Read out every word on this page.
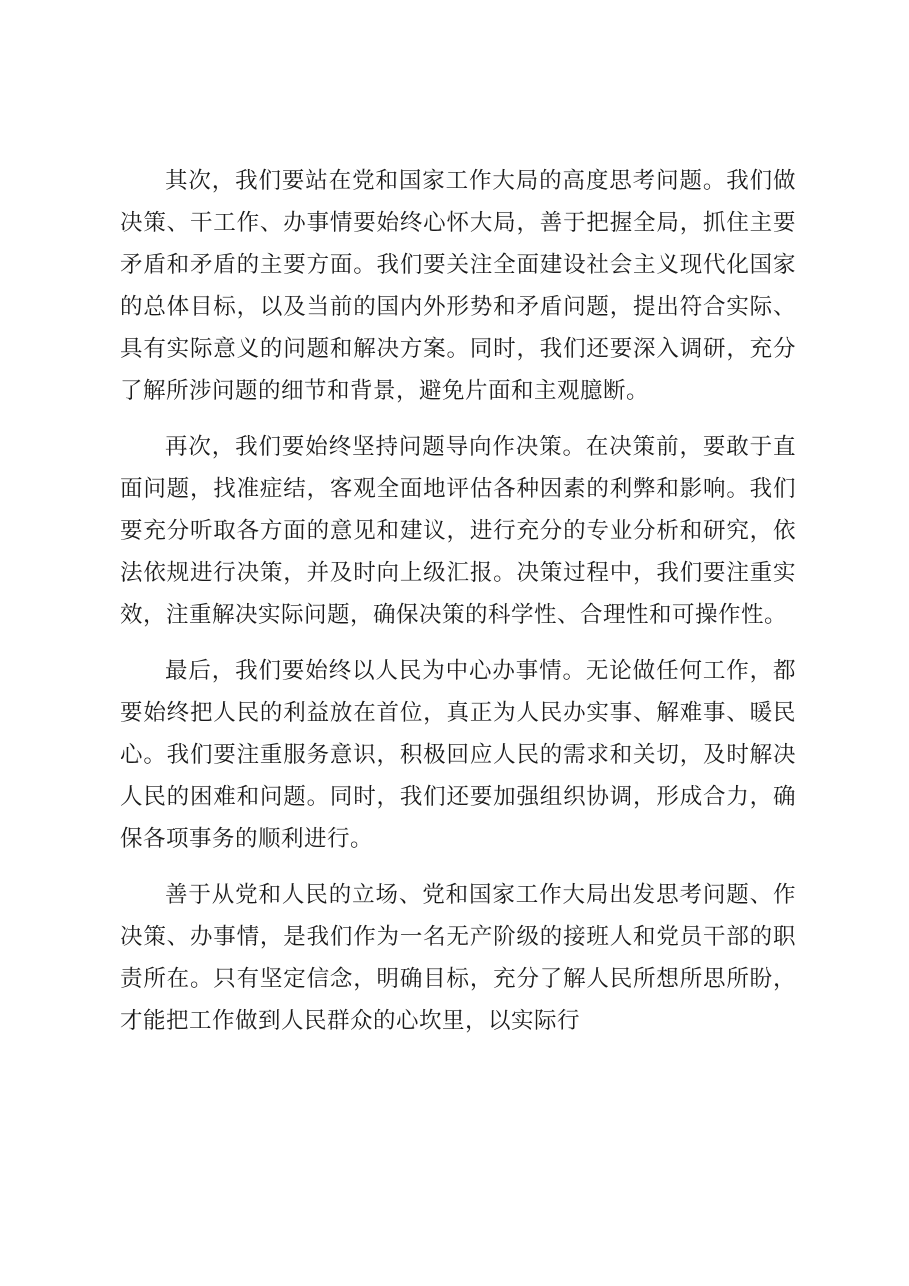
其次，我们要站在党和国家工作大局的高度思考问题。我们做决策、干工作、办事情要始终心怀大局，善于把握全局，抓住主要矛盾和矛盾的主要方面。我们要关注全面建设社会主义现代化国家的总体目标，以及当前的国内外形势和矛盾问题，提出符合实际、具有实际意义的问题和解决方案。同时，我们还要深入调研，充分了解所涉问题的细节和背景，避免片面和主观臆断。

再次，我们要始终坚持问题导向作决策。在决策前，要敢于直面问题，找准症结，客观全面地评估各种因素的利弊和影响。我们要充分听取各方面的意见和建议，进行充分的专业分析和研究，依法依规进行决策，并及时向上级汇报。决策过程中，我们要注重实效，注重解决实际问题，确保决策的科学性、合理性和可操作性。

最后，我们要始终以人民为中心办事情。无论做任何工作，都要始终把人民的利益放在首位，真正为人民办实事、解难事、暖民心。我们要注重服务意识，积极回应人民的需求和关切，及时解决人民的困难和问题。同时，我们还要加强组织协调，形成合力，确保各项事务的顺利进行。

善于从党和人民的立场、党和国家工作大局出发思考问题、作决策、办事情，是我们作为一名无产阶级的接班人和党员干部的职责所在。只有坚定信念，明确目标，充分了解人民所想所思所盼，才能把工作做到人民群众的心坎里，以实际行
